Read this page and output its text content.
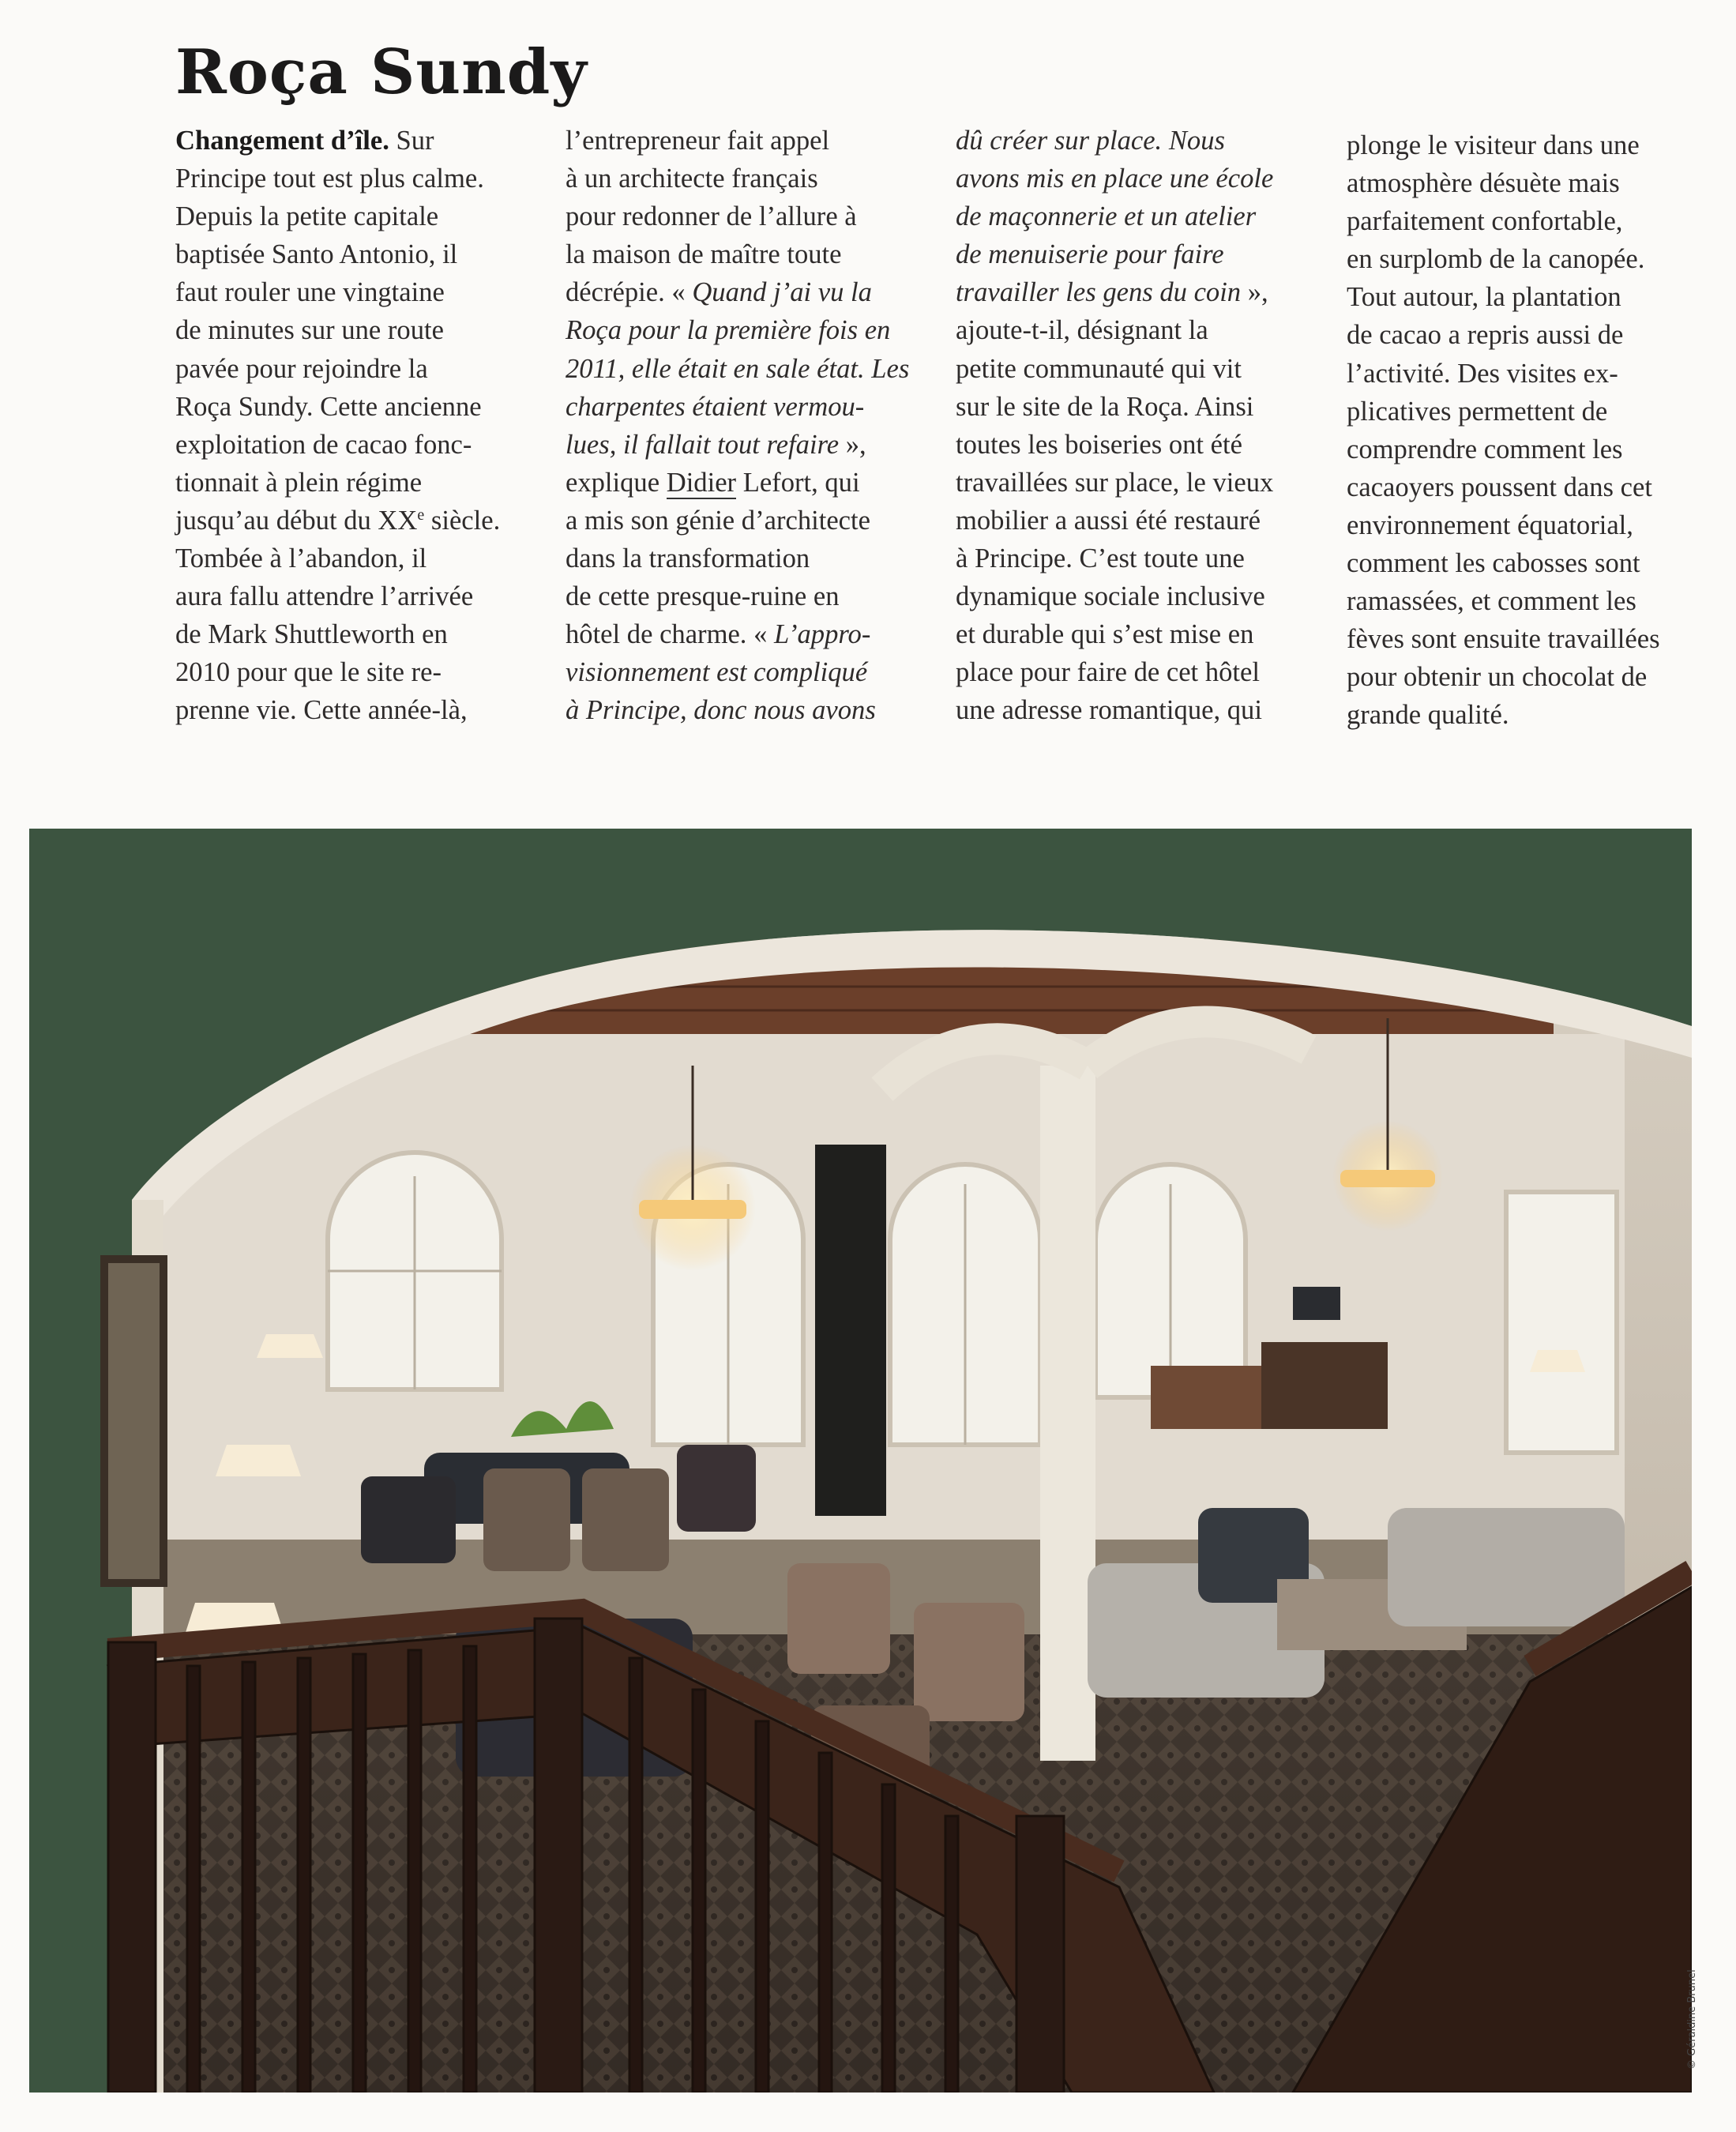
Roça Sundy
Changement d’île. Sur
Principe tout est plus calme.
Depuis la petite capitale
baptisée Santo Antonio, il
faut rouler une vingtaine
de minutes sur une route
pavée pour rejoindre la
Roça Sundy. Cette ancienne
exploitation de cacao fonc-
tionnait à plein régime
jusqu’au début du XXe siècle.
Tombée à l’abandon, il
aura fallu attendre l’arrivée
de Mark Shuttleworth en
2010 pour que le site re-
prenne vie. Cette année-là,
l’entrepreneur fait appel
à un architecte français
pour redonner de l’allure à
la maison de maître toute
décrépie. « Quand j’ai vu la
Roça pour la première fois en
2011, elle était en sale état. Les
charpentes étaient vermou-
lues, il fallait tout refaire »,
explique Didier Lefort, qui
a mis son génie d’architecte
dans la transformation
de cette presque-ruine en
hôtel de charme. « L’appro-
visionnement est compliqué
à Principe, donc nous avons
dû créer sur place. Nous
avons mis en place une école
de maçonnerie et un atelier
de menuiserie pour faire
travailler les gens du coin »,
ajoute-t-il, désignant la
petite communauté qui vit
sur le site de la Roça. Ainsi
toutes les boiseries ont été
travaillées sur place, le vieux
mobilier a aussi été restauré
à Principe. C’est toute une
dynamique sociale inclusive
et durable qui s’est mise en
place pour faire de cet hôtel
une adresse romantique, qui
plonge le visiteur dans une
atmosphère désuète mais
parfaitement confortable,
en surplomb de la canopée.
Tout autour, la plantation
de cacao a repris aussi de
l’activité. Des visites ex-
plicatives permettent de
comprendre comment les
cacaoyers poussent dans cet
environnement équatorial,
comment les cabosses sont
ramassées, et comment les
fèves sont ensuite travaillées
pour obtenir un chocolat de
grande qualité.
© Géraldine Brunel
